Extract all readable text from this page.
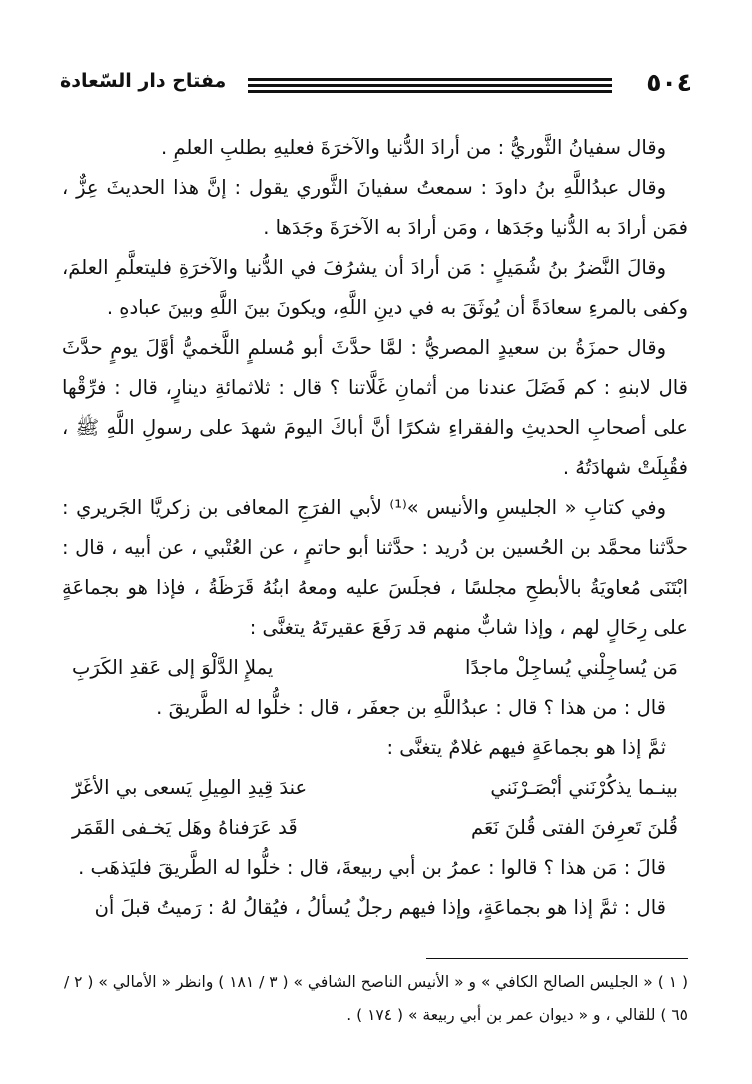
٥٠٤
مفتاح دار السّعادة

وقال سفيانُ الثَّوريُّ : من أرادَ الدُّنيا والآخرَةَ فعليهِ بطلبِ العلمِ .

وقال عبدُاللَّهِ بنُ داودَ : سمعتُ سفيانَ الثَّوري يقول : إنَّ هذا الحديثَ عِزٌّ ، فمَن أرادَ به الدُّنيا وجَدَها ، ومَن أرادَ به الآخرَةَ وجَدَها .

وقالَ النَّضرُ بنُ شُمَيلٍ : مَن أرادَ أن يشرُفَ في الدُّنيا والآخرَةِ فليتعلَّمِ العلمَ، وكفى بالمرءِ سعادَةً أن يُوثَقَ به في دينِ اللَّهِ، ويكونَ بينَ اللَّهِ وبينَ عبادهِ .

وقال حمزَةُ بن سعيدٍ المصريُّ : لمَّا حدَّثَ أبو مُسلمٍ اللَّخميُّ أوَّلَ يومٍ حدَّثَ قال لابنهِ : كم فَضَلَ عندنا من أثمانِ غَلَّاتنا ؟ قال : ثلاثمائةِ دينارٍ، قال : فرِّقْها على أصحابِ الحديثِ والفقراءِ شكرًا أنَّ أباكَ اليومَ شهدَ على رسولِ اللَّهِ ﷺ ، فقُبِلَتْ شهادَتُهُ .

وفي كتابِ « الجليسِ والأنيس »⁽¹⁾ لأبي الفرَجِ المعافى بن زكريَّا الجَريري : حدَّثنا محمَّد بن الحُسين بن دُريد : حدَّثنا أبو حاتمٍ ، عن العُتْبي ، عن أبيه ، قال : ابْتَنَى مُعاويَةُ بالأبطحِ مجلسًا ، فجلَسَ عليه ومعهُ ابنُهُ قَرَظَةُ ، فإذا هو بجماعَةٍ على رِحَالٍ لهم ، وإذا شابٌّ منهم قد رَفَعَ عقيرتَهُ يتغنَّى :

مَن يُساجِلْني يُساجِلْ ماجدًا
يملإِ الدَّلْوَ إلى عَقدِ الكَرَبِ

قال : من هذا ؟ قال : عبدُاللَّهِ بن جعفَر ، قال : خلُّوا له الطَّريقَ .

ثمَّ إذا هو بجماعَةٍ فيهم غلامٌ يتغنَّى :

بينـما يذكُرْنَني أبْصَـرْنَني
عندَ قِيدِ المِيلِ يَسعى بي الأغَرّ
قُلنَ تَعرِفنَ الفتى قُلنَ نَعَم
قَد عَرَفناهُ وهَل يَخـفى القَمَر

قالَ : مَن هذا ؟ قالوا : عمرُ بن أبي ربيعةَ، قال : خلُّوا له الطَّريقَ فليَذهَب .

قال : ثمَّ إذا هو بجماعَةٍ، وإذا فيهم رجلٌ يُسألُ ، فيُقالُ لهُ : رَميتُ قبلَ أن

( ١ ) « الجليس الصالح الكافي » و « الأنيس الناصح الشافي » ( ٣ / ١٨١ ) وانظر « الأمالي » ( ٢ / ٦٥ ) للقالي ، و « ديوان عمر بن أبي ربيعة » ( ١٧٤ ) .
